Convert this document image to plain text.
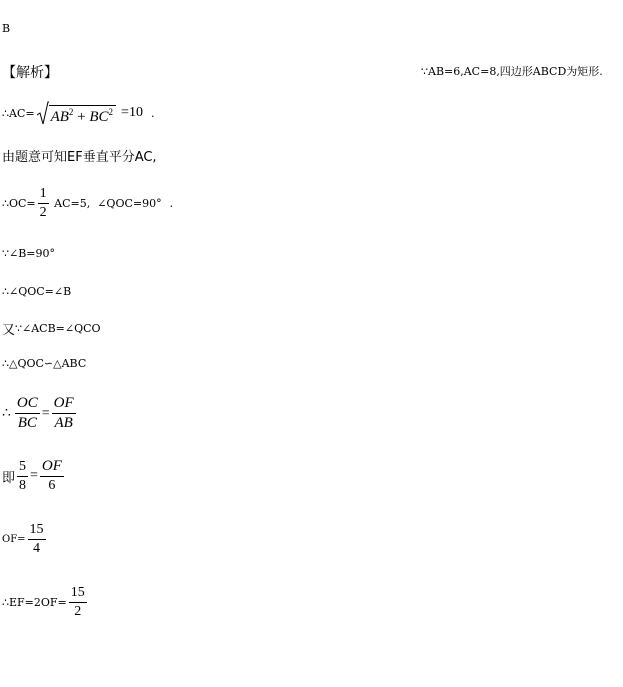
B
【解析】	∵AB=6,AC=8,四边形ABCD为矩形.
∴AC= $AB^2 + BC^2 =10$ .
由题意可知EF垂直平分AC,
∴OC= $\frac{1}{2} AC=5$,  ∠QOC=90° .
∵∠B=90°
∴∠QOC=∠B
又 ∵∠ACB=∠QCO
∴△QOC∽△ABC
∴ $\frac{OC}{BC} = \frac{OF}{AB}$
即 $\frac{5}{8} = \frac{OF}{6}$
$OF= \frac{15}{4}$
∴EF=2OF= $\frac{15}{2}$
